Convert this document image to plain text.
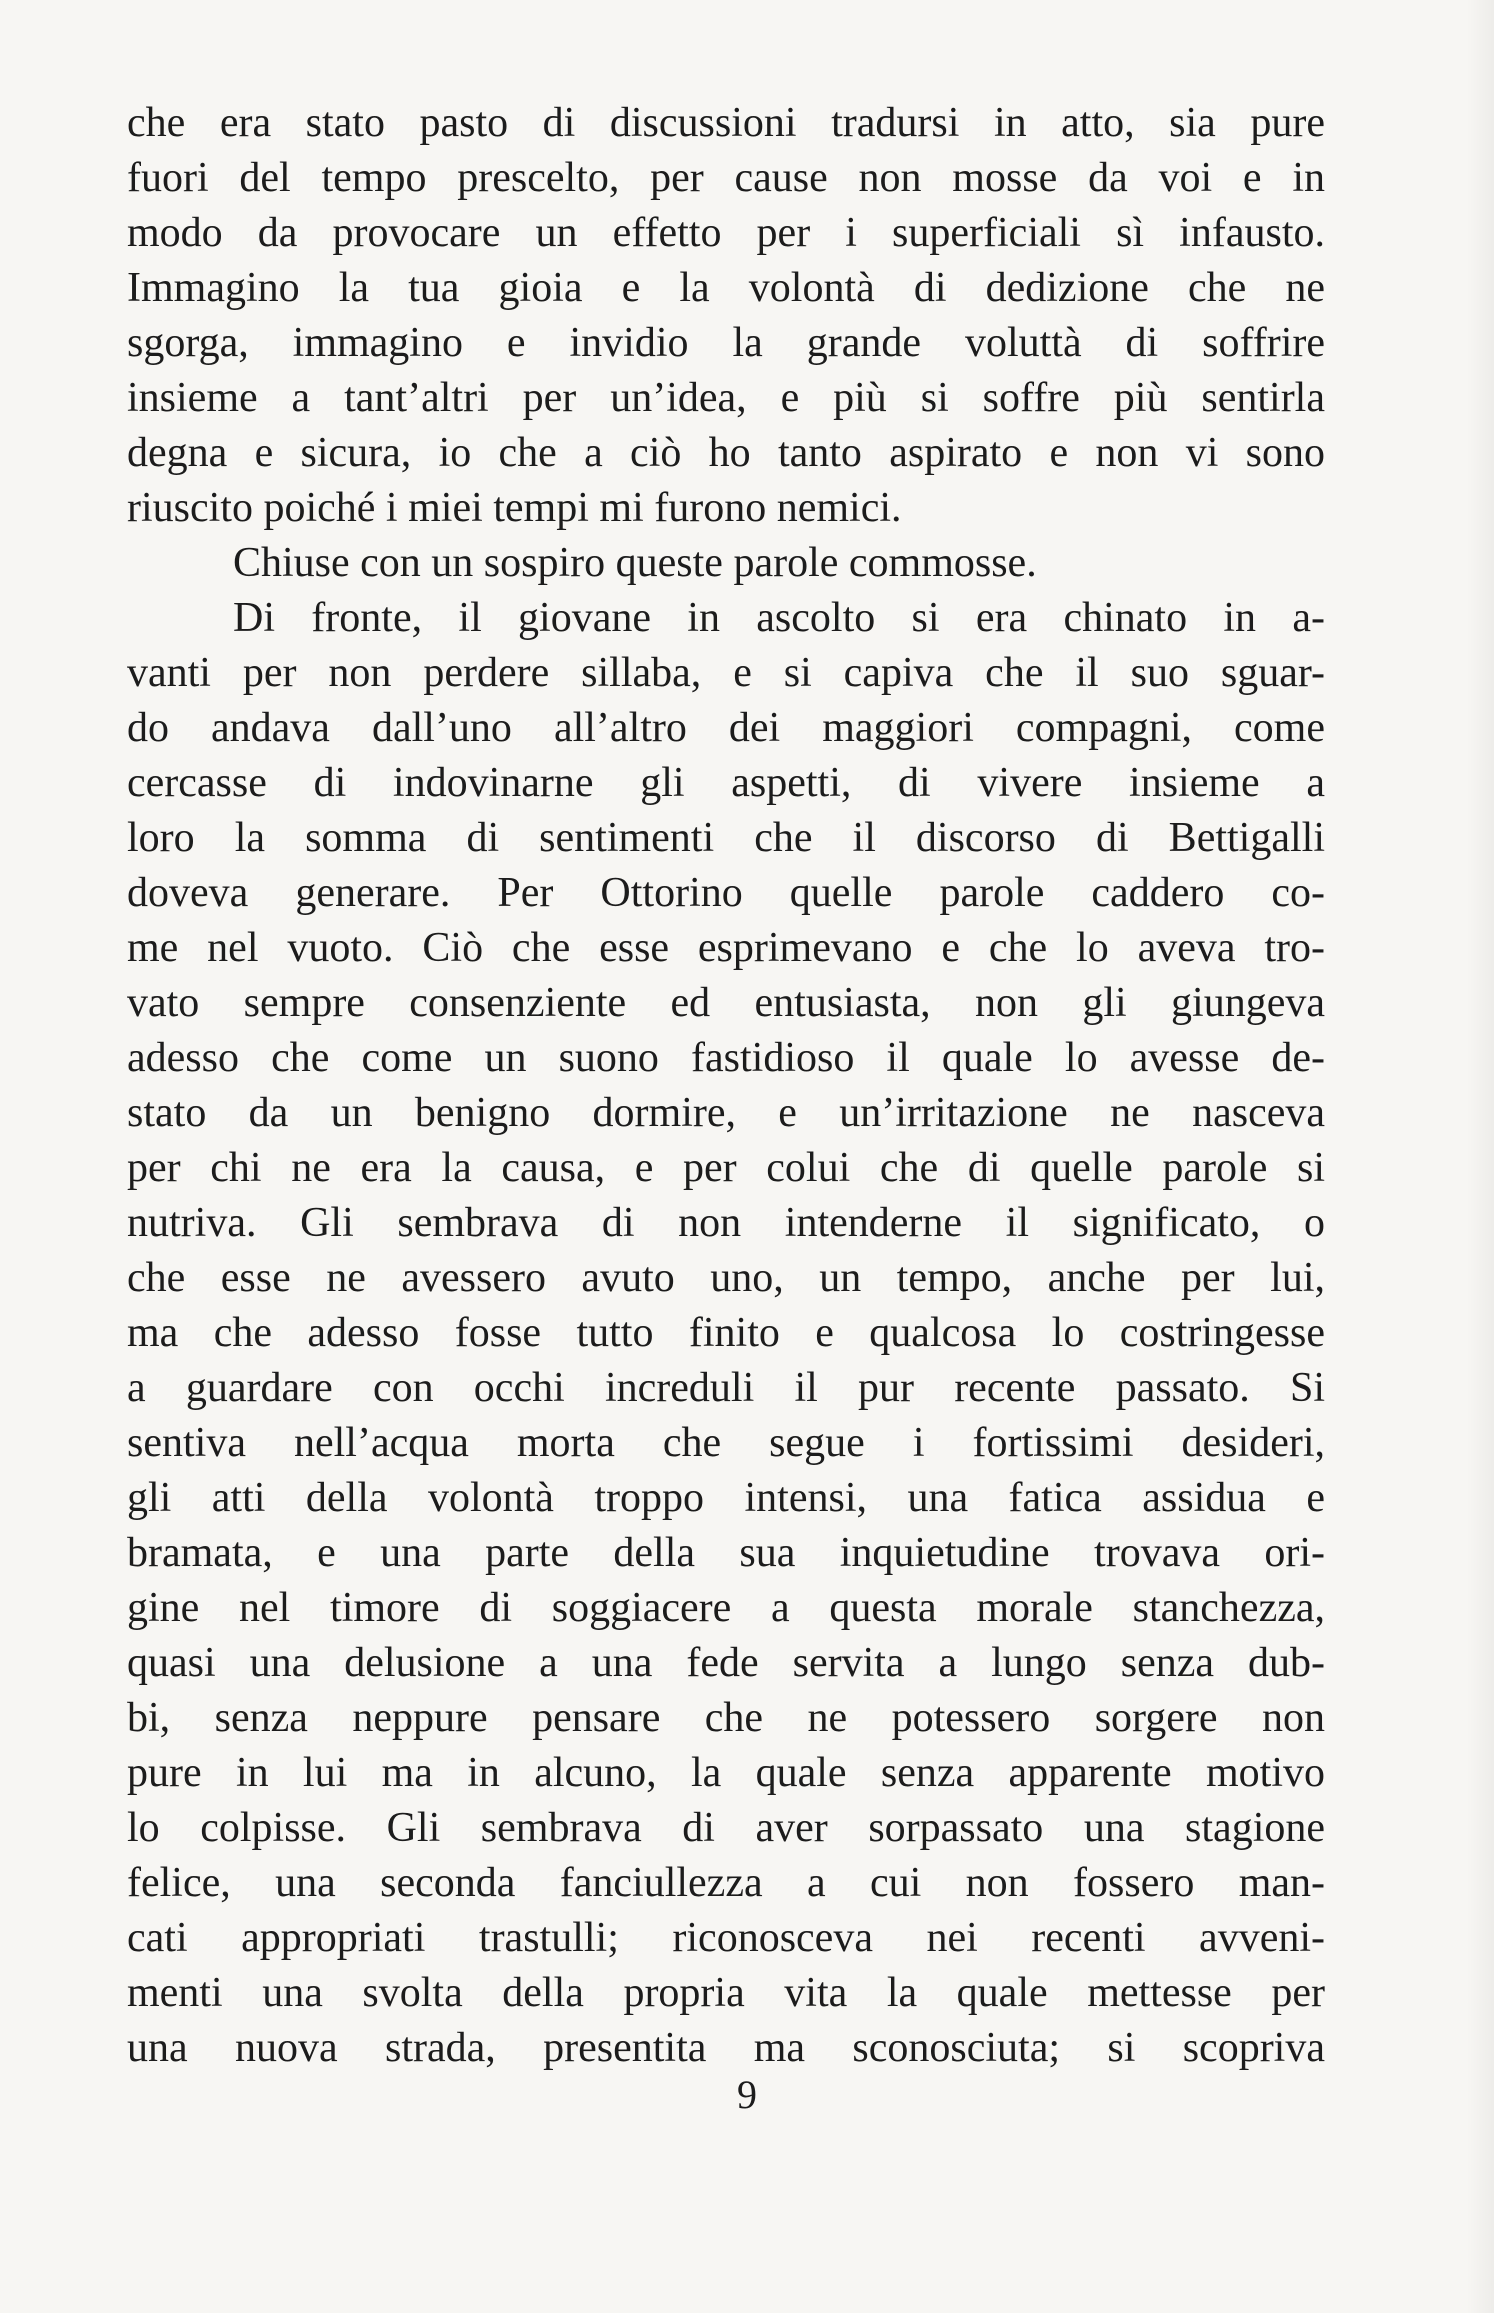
che era stato pasto di discussioni tradursi in atto, sia pure
fuori del tempo prescelto, per cause non mosse da voi e in
modo da provocare un effetto per i superficiali sì infausto.
Immagino la tua gioia e la volontà di dedizione che ne
sgorga, immagino e invidio la grande voluttà di soffrire
insieme a tant’altri per un’idea, e più si soffre più sentirla
degna e sicura, io che a ciò ho tanto aspirato e non vi sono
riuscito poiché i miei tempi mi furono nemici.
Chiuse con un sospiro queste parole commosse.
Di fronte, il giovane in ascolto si era chinato in a-
vanti per non perdere sillaba, e si capiva che il suo sguar-
do andava dall’uno all’altro dei maggiori compagni, come
cercasse di indovinarne gli aspetti, di vivere insieme a
loro la somma di sentimenti che il discorso di Bettigalli
doveva generare. Per Ottorino quelle parole caddero co-
me nel vuoto. Ciò che esse esprimevano e che lo aveva tro-
vato sempre consenziente ed entusiasta, non gli giungeva
adesso che come un suono fastidioso il quale lo avesse de-
stato da un benigno dormire, e un’irritazione ne nasceva
per chi ne era la causa, e per colui che di quelle parole si
nutriva. Gli sembrava di non intenderne il significato, o
che esse ne avessero avuto uno, un tempo, anche per lui,
ma che adesso fosse tutto finito e qualcosa lo costringesse
a guardare con occhi increduli il pur recente passato. Si
sentiva nell’acqua morta che segue i fortissimi desideri,
gli atti della volontà troppo intensi, una fatica assidua e
bramata, e una parte della sua inquietudine trovava ori-
gine nel timore di soggiacere a questa morale stanchezza,
quasi una delusione a una fede servita a lungo senza dub-
bi, senza neppure pensare che ne potessero sorgere non
pure in lui ma in alcuno, la quale senza apparente motivo
lo colpisse. Gli sembrava di aver sorpassato una stagione
felice, una seconda fanciullezza a cui non fossero man-
cati appropriati trastulli; riconosceva nei recenti avveni-
menti una svolta della propria vita la quale mettesse per
una nuova strada, presentita ma sconosciuta; si scopriva
9
